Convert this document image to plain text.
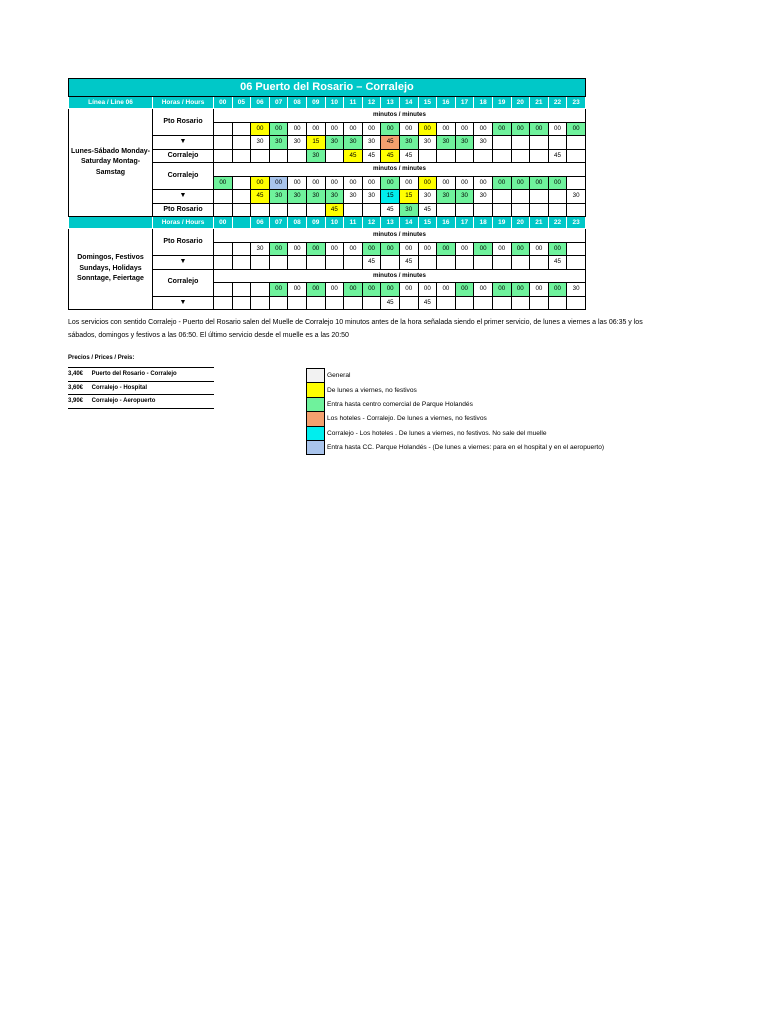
06 Puerto del Rosario – Corralejo																					
Línea / Line 06	Horas / Hours	00	05	06	07	08	09	10	11	12	13	14	15	16	17	18	19	20	21	22	23
Lunes-Sábado Monday-Saturday Montag-Samstag	Pto Rosario	minutos / minutes																			
				00	00	00	00	00	00	00	00	00	00	00	00	00	00	00	00	00	00
	▼			30	30	30	15	30	30	30	45	30	30	30	30	30					
	Corralejo						30		45	45	45	45								45	
	Corralejo	minutos / minutes																			
		00		00	00	00	00	00	00	00	00	00	00	00	00	00	00	00	00	00	
	▼			45	30	30	30	30	30	30	15	15	30	30	30	30					30
	Pto Rosario							45			45	30	45								
	Horas / Hours	00		06	07	08	09	10	11	12	13	14	15	16	17	18	19	20	21	22	23
Domingos, Festivos Sundays, Holidays Sonntage, Feiertage	Pto Rosario	minutos / minutes																			
				30	00	00	00	00	00	00	00	00	00	00	00	00	00	00	00	00	
	▼									45		45								45	
	Corralejo	minutos / minutes																			
					00	00	00	00	00	00	00	00	00	00	00	00	00	00	00	00	30
	▼										45		45								
Los servicios con sentido Corralejo - Puerto del Rosario salen del Muelle de Corralejo 10 minutos antes de la hora señalada siendo el primer servicio, de lunes a viernes a las 06:35 y los sábados, domingos y festivos a las 06:50. El último servicio desde el muelle es a las 20:50
Precios / Prices / Preis:
3,40€ Puerto del Rosario - Corralejo
3,60€ Corralejo - Hospital
3,90€ Corralejo - Aeropuerto
	General
	De lunes a viernes, no festivos
	Entra hasta centro comercial de Parque Holandés
	Los hoteles - Corralejo. De lunes a viernes, no festivos
	Corralejo - Los hoteles . De lunes a viernes, no festivos. No sale del muelle
	Entra hasta CC. Parque Holandés - (De lunes a viernes: para en el hospital y en el aeropuerto)
